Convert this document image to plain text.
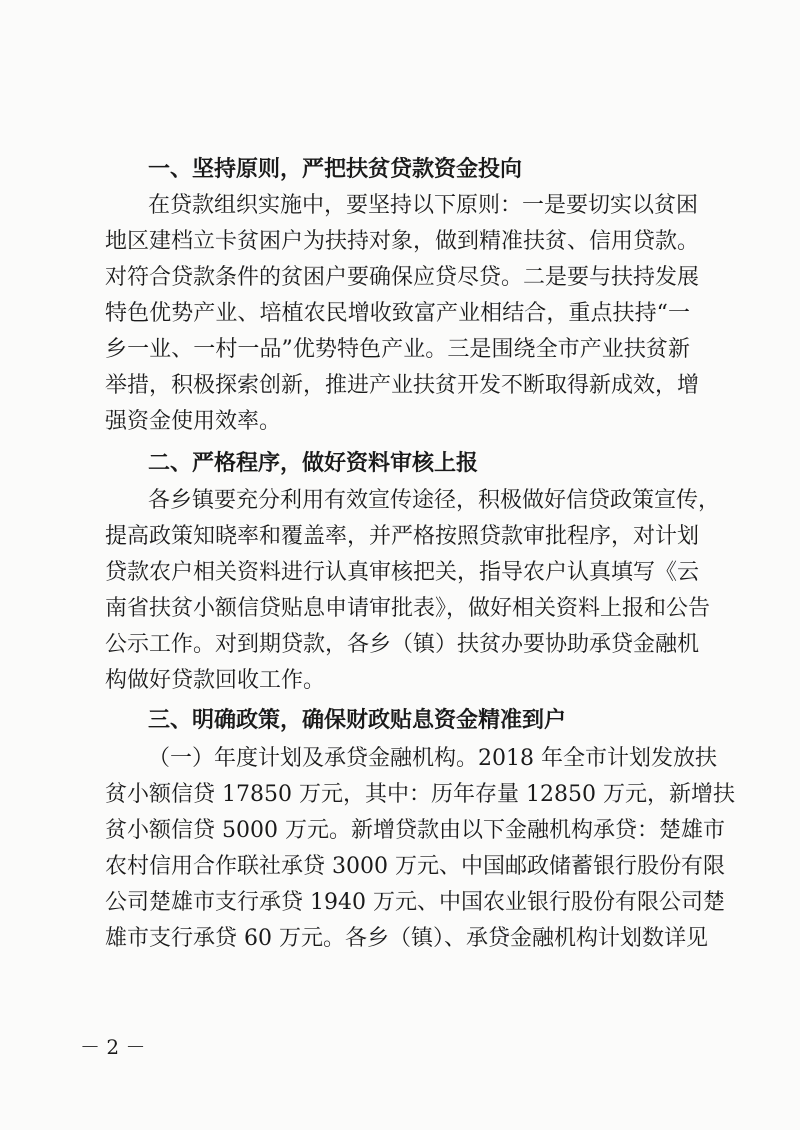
一、坚持原则，严把扶贫贷款资金投向
在贷款组织实施中，要坚持以下原则：一是要切实以贫困
地区建档立卡贫困户为扶持对象，做到精准扶贫、信用贷款。
对符合贷款条件的贫困户要确保应贷尽贷。二是要与扶持发展
特色优势产业、培植农民增收致富产业相结合，重点扶持“一
乡一业、一村一品”优势特色产业。三是围绕全市产业扶贫新
举措，积极探索创新，推进产业扶贫开发不断取得新成效，增
强资金使用效率。
二、严格程序，做好资料审核上报
各乡镇要充分利用有效宣传途径，积极做好信贷政策宣传，
提高政策知晓率和覆盖率，并严格按照贷款审批程序，对计划
贷款农户相关资料进行认真审核把关，指导农户认真填写《云
南省扶贫小额信贷贴息申请审批表》，做好相关资料上报和公告
公示工作。对到期贷款，各乡（镇）扶贫办要协助承贷金融机
构做好贷款回收工作。
三、明确政策，确保财政贴息资金精准到户
（一）年度计划及承贷金融机构。2018 年全市计划发放扶
贫小额信贷 17850 万元，其中：历年存量 12850 万元，新增扶
贫小额信贷 5000 万元。新增贷款由以下金融机构承贷：楚雄市
农村信用合作联社承贷 3000 万元、中国邮政储蓄银行股份有限
公司楚雄市支行承贷 1940 万元、中国农业银行股份有限公司楚
雄市支行承贷 60 万元。各乡（镇）、承贷金融机构计划数详见
－ 2 －
